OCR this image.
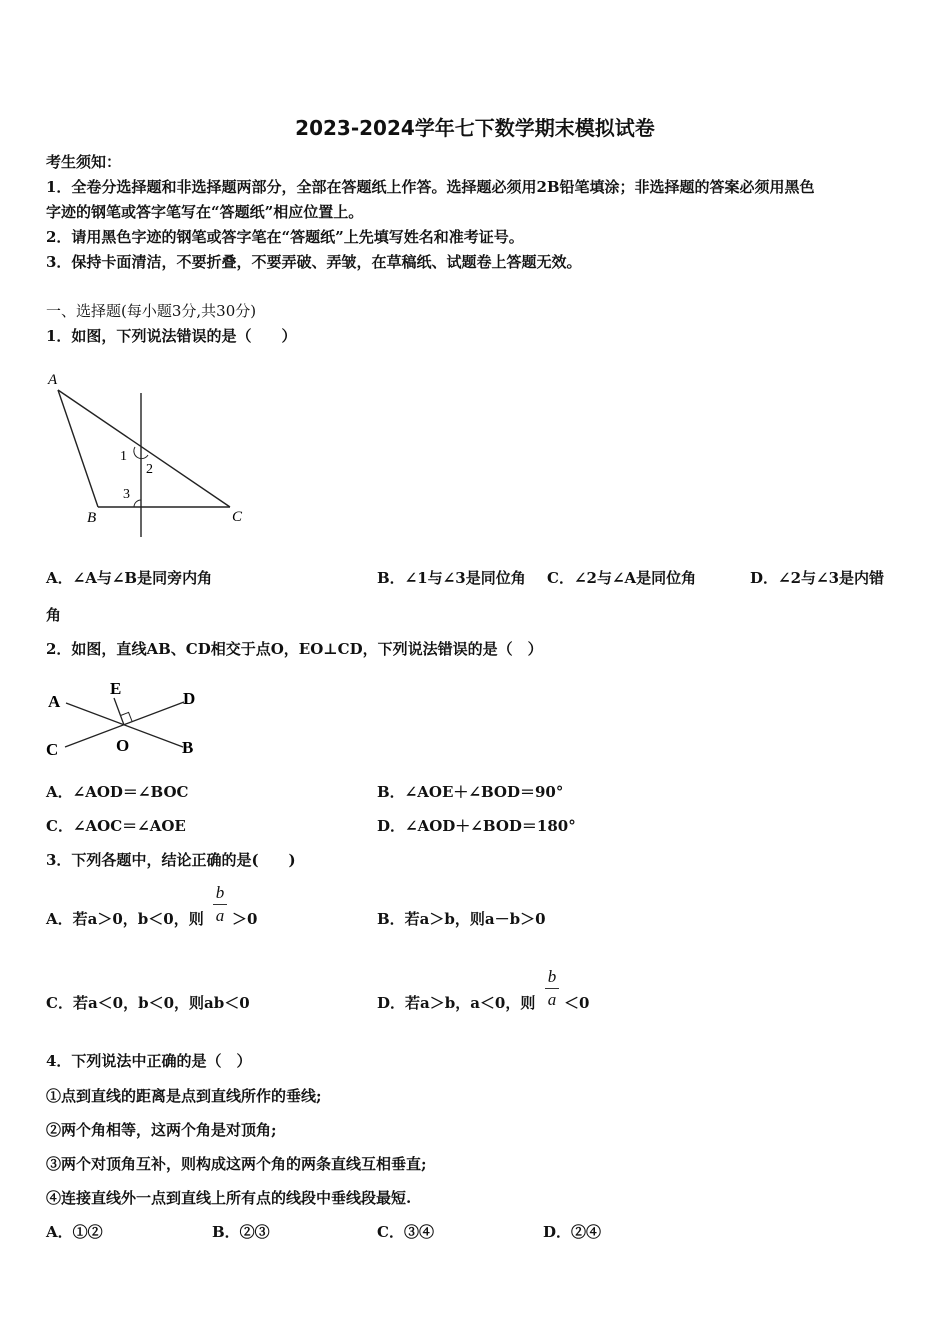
2023-2024学年七下数学期末模拟试卷
考生须知：
1．全卷分选择题和非选择题两部分，全部在答题纸上作答。选择题必须用2B铅笔填涂；非选择题的答案必须用黑色
字迹的钢笔或答字笔写在“答题纸”相应位置上。
2．请用黑色字迹的钢笔或答字笔在“答题纸”上先填写姓名和准考证号。
3．保持卡面清洁，不要折叠，不要弄破、弄皱，在草稿纸、试题卷上答题无效。
一、选择题(每小题3分,共30分)
1．如图，下列说法错误的是（　　）
A
B	C
1
2
3
A．∠A与∠B是同旁内角	B．∠1与∠3是同位角 C．∠2与∠A是同位角	D．∠2与∠3是内错
角
2．如图，直线AB、CD相交于点O，EO⊥CD，下列说法错误的是（　）
A	D
E
C	O	B
A．∠AOD＝∠BOC	B．∠AOE＋∠BOD＝90°
C．∠AOC＝∠AOE	D．∠AOD＋∠BOD＝180°
3．下列各题中，结论正确的是(　　)
A．若a＞0，b＜0，则
b
a ＞0	B．若a＞b，则a－b＞0
C．若a＜0，b＜0，则ab＜0	D．若a＞b，a＜0，则
b
a ＜0
4．下列说法中正确的是（　）
①点到直线的距离是点到直线所作的垂线;
②两个角相等，这两个角是对顶角;
③两个对顶角互补，则构成这两个角的两条直线互相垂直;
④连接直线外一点到直线上所有点的线段中垂线段最短.
A．①②	B．②③	C．③④	D．②④
